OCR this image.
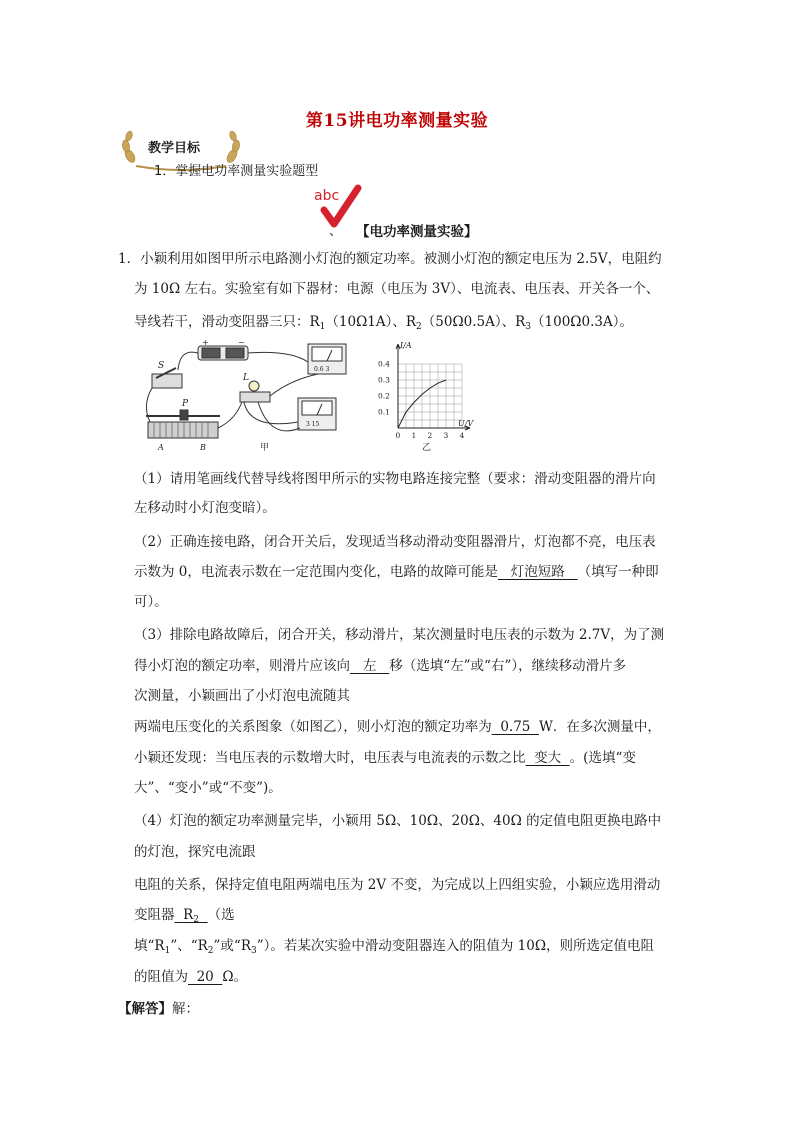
第15讲电功率测量实验
教学目标
1．掌握电功率测量实验题型
abc
、 【电功率测量实验】
1．小颖利用如图甲所示电路测小灯泡的额定功率。被测小灯泡的额定电压为 2.5V，电阻约
为 10Ω 左右。实验室有如下器材：电源（电压为 3V）、电流表、电压表、开关各一个、
导线若干，滑动变阻器三只：$R_1(10\Omega 1A)$、$R_2(50\Omega 0.5A)$、$R_3(100\Omega 0.3A)$。
S
P
L
A	B
+	−
0.6 3
3 15
甲
I/A
U/V
0.4
0.3
0.2
0.1
0 1 2 3 4
乙
（1）请用笔画线代替导线将图甲所示的实物电路连接完整（要求：滑动变阻器的滑片向
左移动时小灯泡变暗）。
（2）正确连接电路，闭合开关后，发现适当移动滑动变阻器滑片，灯泡都不亮，电压表
示数为 0，电流表示数在一定范围内变化，电路的故障可能是   灯泡短路   （填写一种即
可）。
（3）排除电路故障后，闭合开关，移动滑片，某次测量时电压表的示数为 2.7V，为了测
得小灯泡的额定功率，则滑片应该向   左   移（选填“左”或“右”），继续移动滑片多
次测量，小颖画出了小灯泡电流随其
两端电压变化的关系图象（如图乙），则小灯泡的额定功率为  0.75  W．在多次测量中，
小颖还发现：当电压表的示数增大时，电压表与电流表的示数之比  变大  。(选填“变
大”、“变小”或“不变”)。
（4）灯泡的额定功率测量完毕，小颖用 5Ω、10Ω、20Ω、40Ω 的定值电阻更换电路中
的灯泡，探究电流跟
电阻的关系，保持定值电阻两端电压为 2V 不变，为完成以上四组实验，小颖应选用滑动
变阻器  $R_2$ （选
填“$R_1$”、“$R_2$”或“$R_3$”）。若某次实验中滑动变阻器连入的阻值为 10Ω，则所选定值电阻
的阻值为  20  Ω。
【解答】解：
